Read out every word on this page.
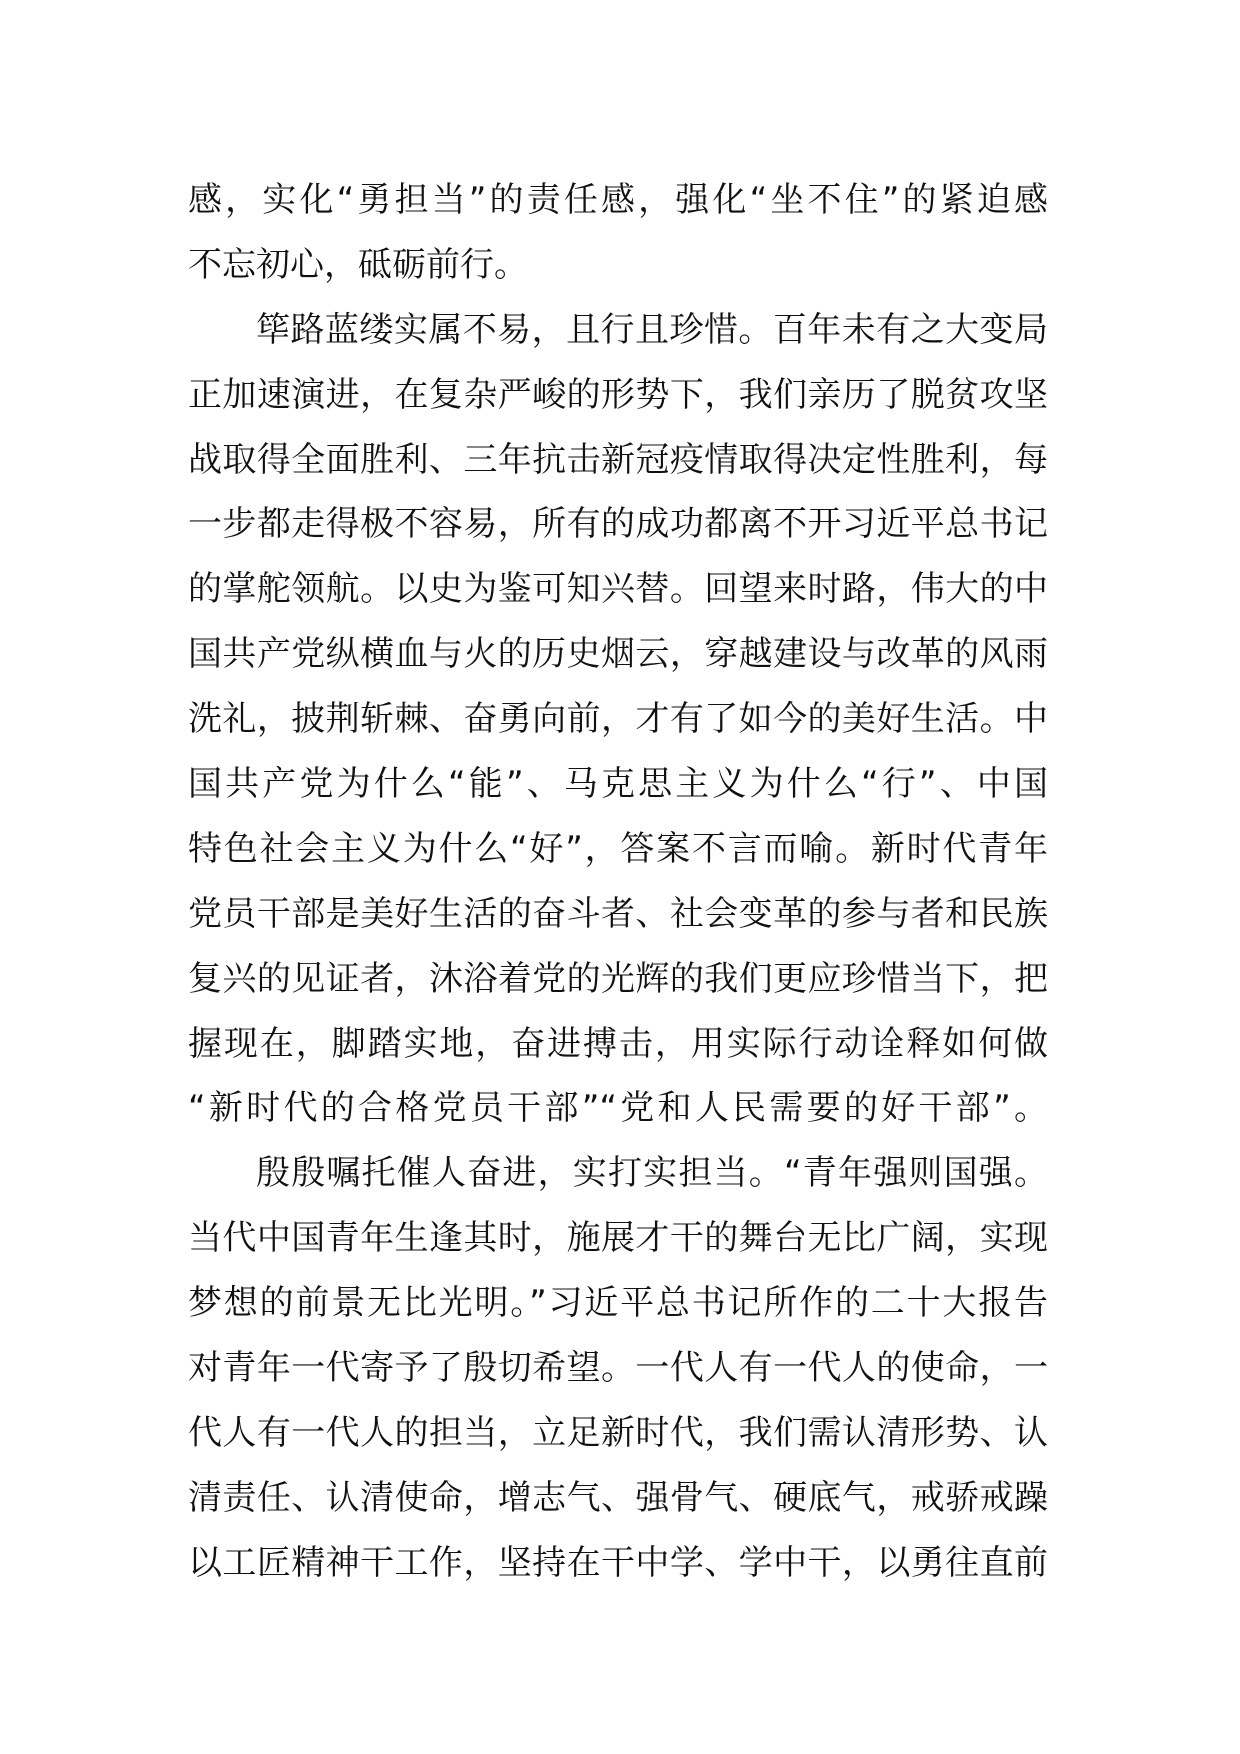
感，实化“勇担当”的责任感，强化“坐不住”的紧迫感
不忘初心，砥砺前行。
筚路蓝缕实属不易，且行且珍惜。百年未有之大变局
正加速演进，在复杂严峻的形势下，我们亲历了脱贫攻坚
战取得全面胜利、三年抗击新冠疫情取得决定性胜利，每
一步都走得极不容易，所有的成功都离不开习近平总书记
的掌舵领航。以史为鉴可知兴替。回望来时路，伟大的中
国共产党纵横血与火的历史烟云，穿越建设与改革的风雨
洗礼，披荆斩棘、奋勇向前，才有了如今的美好生活。中
国共产党为什么“能”、马克思主义为什么“行”、中国
特色社会主义为什么“好”，答案不言而喻。新时代青年
党员干部是美好生活的奋斗者、社会变革的参与者和民族
复兴的见证者，沐浴着党的光辉的我们更应珍惜当下，把
握现在，脚踏实地，奋进搏击，用实际行动诠释如何做
“新时代的合格党员干部”“党和人民需要的好干部”。
殷殷嘱托催人奋进，实打实担当。“青年强则国强。
当代中国青年生逢其时，施展才干的舞台无比广阔，实现
梦想的前景无比光明。”习近平总书记所作的二十大报告
对青年一代寄予了殷切希望。一代人有一代人的使命，一
代人有一代人的担当，立足新时代，我们需认清形势、认
清责任、认清使命，增志气、强骨气、硬底气，戒骄戒躁
以工匠精神干工作，坚持在干中学、学中干，以勇往直前
